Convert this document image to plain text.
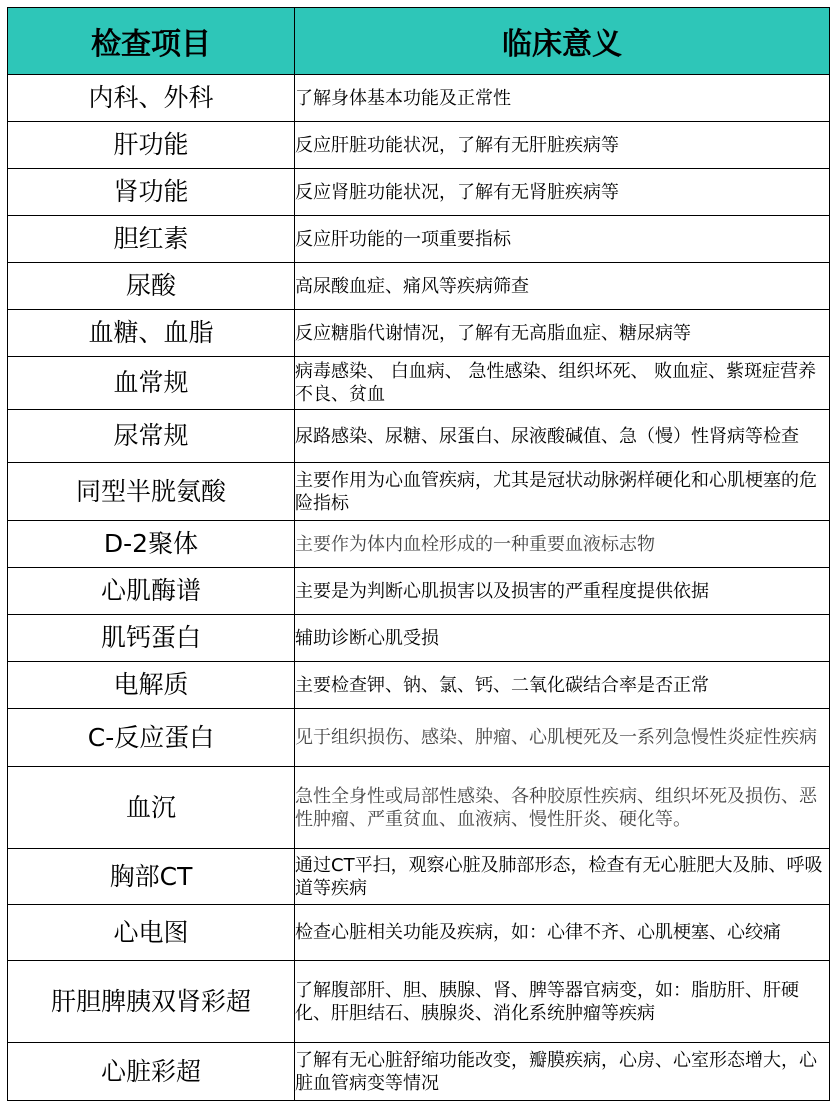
检查项目	临床意义
内科、外科	了解身体基本功能及正常性
肝功能	反应肝脏功能状况，了解有无肝脏疾病等
肾功能	反应肾脏功能状况，了解有无肾脏疾病等
胆红素	反应肝功能的一项重要指标
尿酸	高尿酸血症、痛风等疾病筛查
血糖、血脂	反应糖脂代谢情况，了解有无高脂血症、糖尿病等
血常规	病毒感染、 白血病、 急性感染、组织坏死、 败血症、紫斑症营养不良、贫血
尿常规	尿路感染、尿糖、尿蛋白、尿液酸碱值、急（慢）性肾病等检查
同型半胱氨酸	主要作用为心血管疾病，尤其是冠状动脉粥样硬化和心肌梗塞的危险指标
D-2聚体	主要作为体内血栓形成的一种重要血液标志物
心肌酶谱	主要是为判断心肌损害以及损害的严重程度提供依据
肌钙蛋白	辅助诊断心肌受损
电解质	主要检查钾、钠、氯、钙、二氧化碳结合率是否正常
C-反应蛋白	见于组织损伤、感染、肿瘤、心肌梗死及一系列急慢性炎症性疾病
血沉	急性全身性或局部性感染、各种胶原性疾病、组织坏死及损伤、恶性肿瘤、严重贫血、血液病、慢性肝炎、硬化等。
胸部CT	通过CT平扫，观察心脏及肺部形态，检查有无心脏肥大及肺、呼吸道等疾病
心电图	检查心脏相关功能及疾病，如：心律不齐、心肌梗塞、心绞痛
肝胆脾胰双肾彩超	了解腹部肝、胆、胰腺、肾、脾等器官病变，如：脂肪肝、肝硬化、肝胆结石、胰腺炎、消化系统肿瘤等疾病
心脏彩超	了解有无心脏舒缩功能改变，瓣膜疾病，心房、心室形态增大，心脏血管病变等情况
